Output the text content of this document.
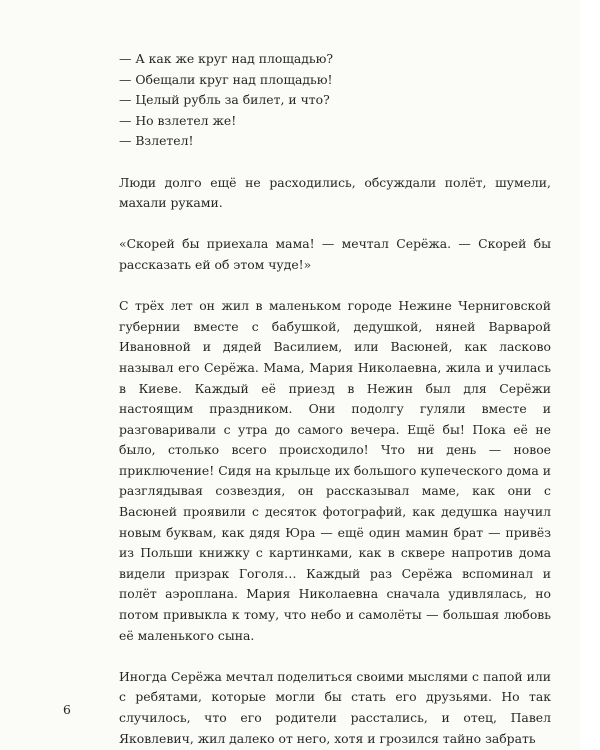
— А как же круг над площадью?
— Обещали круг над площадью!
— Целый рубль за билет, и что?
— Но взлетел же!
— Взлетел!

Люди долго ещё не расходились, обсуждали полёт, шумели,
махали руками.

«Скорей бы приехала мама! — мечтал Серёжа. — Скорей бы
рассказать ей об этом чуде!»

С трёх лет он жил в маленьком городе Нежине Черниговской губернии вместе с бабушкой, дедушкой, няней Варварой Ивановной и дядей Василием, или Васюней, как ласково называл его Серёжа. Мама, Мария Николаевна, жила и училась в Киеве. Каждый её приезд в Нежин был для Серёжи настоящим праздником. Они подолгу гуляли вместе и разговаривали с утра до самого вечера. Ещё бы! Пока её не было, столько всего происходило! Что ни день — новое приключение! Сидя на крыльце их большого купеческого дома и разглядывая созвездия, он рассказывал маме, как они с Васюней проявили с десяток фотографий, как дедушка научил новым буквам, как дядя Юра — ещё один мамин брат — привёз из Польши книжку с картинками, как в сквере напротив дома видели призрак Гоголя… Каждый раз Серёжа вспоминал и полёт аэроплана. Мария Николаевна сначала удивлялась, но потом привыкла к тому, что небо и самолёты — большая любовь её маленького сына.

Иногда Серёжа мечтал поделиться своими мыслями с папой или с ребятами, которые могли бы стать его друзьями. Но так случилось, что его родители расстались, и отец, Павел Яковлевич, жил далеко от него, хотя и грозился тайно забрать

6
